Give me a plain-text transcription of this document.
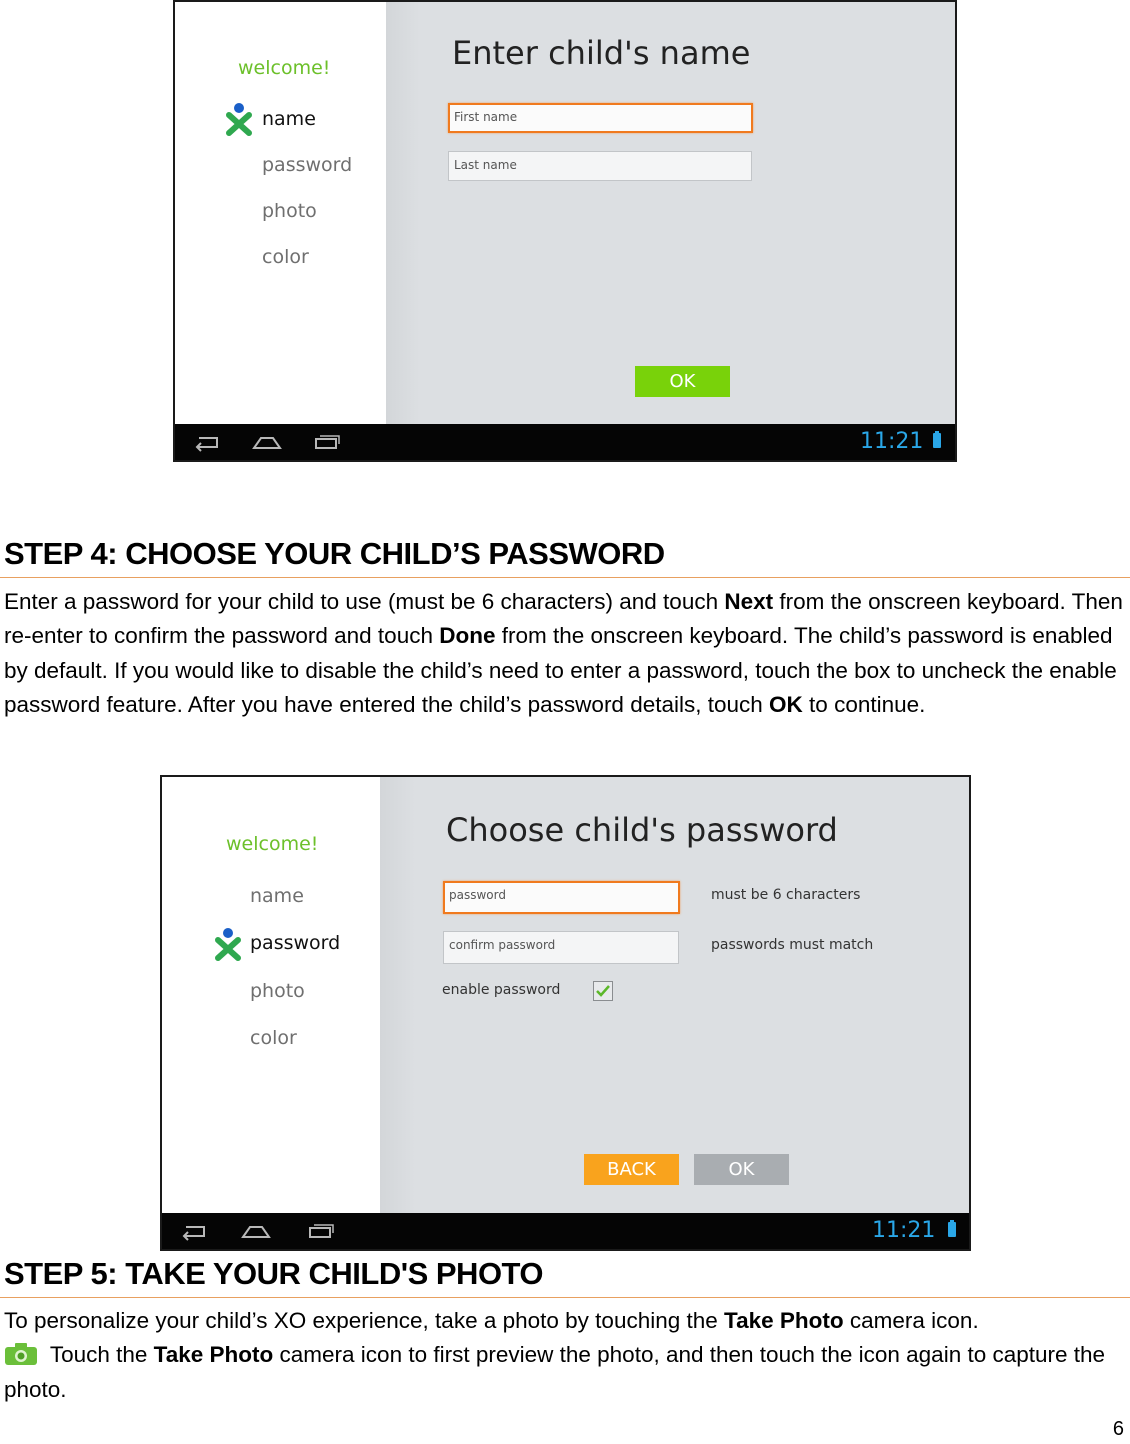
welcome!
name
password
photo
color
Enter child's name
First name
Last name
OK
11:21
STEP 4: CHOOSE YOUR CHILD’S PASSWORD

Enter a password for your child to use (must be 6 characters) and touch Next from the onscreen keyboard. Then re-enter to confirm the password and touch Done from the onscreen keyboard. The child’s password is enabled by default. If you would like to disable the child’s need to enter a password, touch the box to uncheck the enable password feature. After you have entered the child’s password details, touch OK to continue.

welcome!
name
password
photo
color
Choose child's password
password	must be 6 characters
confirm password	passwords must match
enable password
BACK	OK
11:21
STEP 5: TAKE YOUR CHILD'S PHOTO

To personalize your child’s XO experience, take a photo by touching the Take Photo camera icon.
Touch the Take Photo camera icon to first preview the photo, and then touch the icon again to capture the photo.

6
